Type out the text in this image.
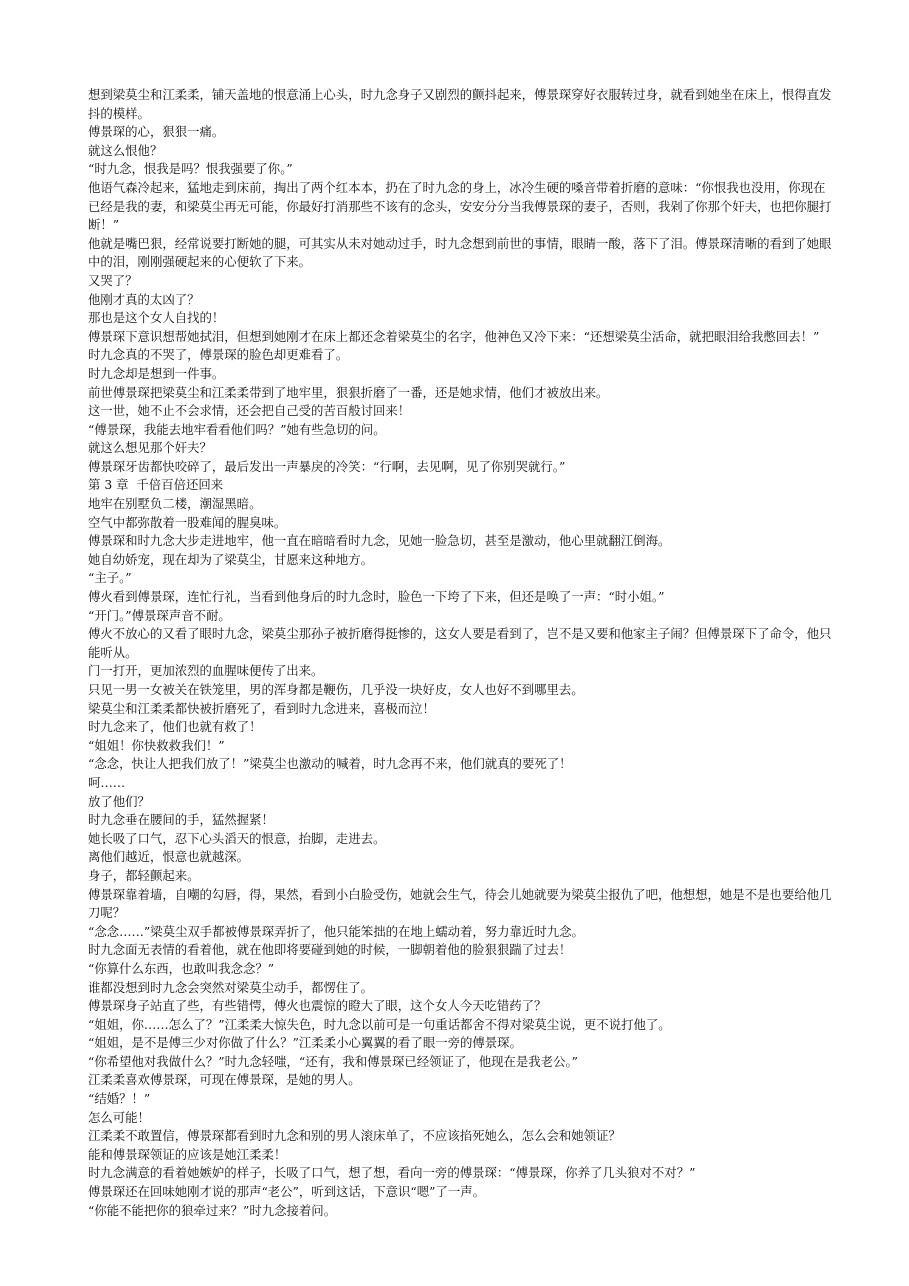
想到梁莫尘和江柔柔，铺天盖地的恨意涌上心头，时九念身子又剧烈的颤抖起来，傅景琛穿好衣服转过身，就看到她坐在床上，恨得直发抖的模样。

傅景琛的心，狠狠一痛。

就这么恨他？

“时九念，恨我是吗？恨我强要了你。”

他语气森冷起来，猛地走到床前，掏出了两个红本本，扔在了时九念的身上，冰冷生硬的嗓音带着折磨的意味：“你恨我也没用，你现在已经是我的妻，和梁莫尘再无可能，你最好打消那些不该有的念头，安安分分当我傅景琛的妻子，否则，我剁了你那个奸夫，也把你腿打断！”

他就是嘴巴狠，经常说要打断她的腿，可其实从未对她动过手，时九念想到前世的事情，眼睛一酸，落下了泪。傅景琛清晰的看到了她眼中的泪，刚刚强硬起来的心便软了下来。

又哭了？

他刚才真的太凶了？

那也是这个女人自找的！

傅景琛下意识想帮她拭泪，但想到她刚才在床上都还念着梁莫尘的名字，他神色又冷下来：“还想梁莫尘活命，就把眼泪给我憋回去！”

时九念真的不哭了，傅景琛的脸色却更难看了。

时九念却是想到一件事。

前世傅景琛把梁莫尘和江柔柔带到了地牢里，狠狠折磨了一番，还是她求情，他们才被放出来。

这一世，她不止不会求情，还会把自己受的苦百般讨回来！

“傅景琛，我能去地牢看看他们吗？”她有些急切的问。

就这么想见那个奸夫？

傅景琛牙齿都快咬碎了，最后发出一声暴戾的冷笑：“行啊，去见啊，见了你别哭就行。”

第 3 章  千倍百倍还回来

地牢在别墅负二楼，潮湿黑暗。

空气中都弥散着一股难闻的腥臭味。

傅景琛和时九念大步走进地牢，他一直在暗暗看时九念，见她一脸急切，甚至是激动，他心里就翻江倒海。

她自幼娇宠，现在却为了梁莫尘，甘愿来这种地方。

“主子。”

傅火看到傅景琛，连忙行礼，当看到他身后的时九念时，脸色一下垮了下来，但还是唤了一声：“时小姐。”

“开门。”傅景琛声音不耐。

傅火不放心的又看了眼时九念，梁莫尘那孙子被折磨得挺惨的，这女人要是看到了，岂不是又要和他家主子闹？但傅景琛下了命令，他只能听从。

门一打开，更加浓烈的血腥味便传了出来。

只见一男一女被关在铁笼里，男的浑身都是鞭伤，几乎没一块好皮，女人也好不到哪里去。

梁莫尘和江柔柔都快被折磨死了，看到时九念进来，喜极而泣！

时九念来了，他们也就有救了！

“姐姐！你快救救我们！”

“念念，快让人把我们放了！”梁莫尘也激动的喊着，时九念再不来，他们就真的要死了！

呵……

放了他们？

时九念垂在腰间的手，猛然握紧！

她长吸了口气，忍下心头滔天的恨意，抬脚，走进去。

离他们越近，恨意也就越深。

身子，都轻颤起来。

傅景琛靠着墙，自嘲的勾唇，得，果然，看到小白脸受伤，她就会生气，待会儿她就要为梁莫尘报仇了吧，他想想，她是不是也要给他几刀呢？

“念念……”梁莫尘双手都被傅景琛弄折了，他只能笨拙的在地上蠕动着，努力靠近时九念。

时九念面无表情的看着他，就在他即将要碰到她的时候，一脚朝着他的脸狠狠踹了过去！

“你算什么东西，也敢叫我念念？”

谁都没想到时九念会突然对梁莫尘动手，都愣住了。

傅景琛身子站直了些，有些错愕，傅火也震惊的瞪大了眼，这个女人今天吃错药了？

“姐姐，你……怎么了？”江柔柔大惊失色，时九念以前可是一句重话都舍不得对梁莫尘说，更不说打他了。

“姐姐，是不是傅三少对你做了什么？”江柔柔小心翼翼的看了眼一旁的傅景琛。

“你希望他对我做什么？”时九念轻嗤，“还有，我和傅景琛已经领证了，他现在是我老公。”

江柔柔喜欢傅景琛，可现在傅景琛，是她的男人。

“结婚？！”

怎么可能！

江柔柔不敢置信，傅景琛都看到时九念和别的男人滚床单了，不应该掐死她么，怎么会和她领证？

能和傅景琛领证的应该是她江柔柔！

时九念满意的看着她嫉妒的样子，长吸了口气，想了想，看向一旁的傅景琛：“傅景琛，你养了几头狼对不对？”

傅景琛还在回味她刚才说的那声“老公”，听到这话，下意识“嗯”了一声。

“你能不能把你的狼牵过来？”时九念接着问。
